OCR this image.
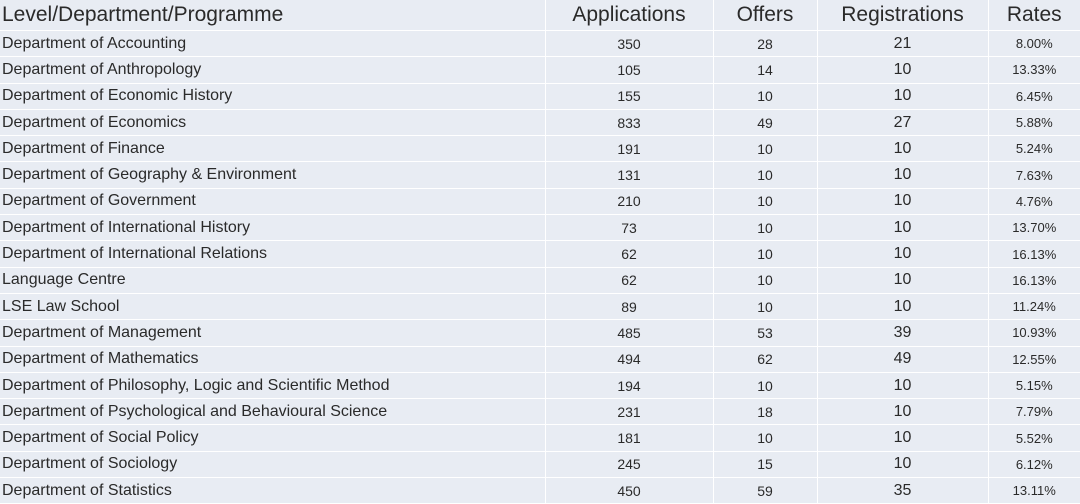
Level/Department/Programme	Applications	Offers	Registrations	Rates
Department of Accounting	350	28	21	8.00%
Department of Anthropology	105	14	10	13.33%
Department of Economic History	155	10	10	6.45%
Department of Economics	833	49	27	5.88%
Department of Finance	191	10	10	5.24%
Department of Geography & Environment	131	10	10	7.63%
Department of Government	210	10	10	4.76%
Department of International History	73	10	10	13.70%
Department of International Relations	62	10	10	16.13%
Language Centre	62	10	10	16.13%
LSE Law School	89	10	10	11.24%
Department of Management	485	53	39	10.93%
Department of Mathematics	494	62	49	12.55%
Department of Philosophy, Logic and Scientific Method	194	10	10	5.15%
Department of Psychological and Behavioural Science	231	18	10	7.79%
Department of Social Policy	181	10	10	5.52%
Department of Sociology	245	15	10	6.12%
Department of Statistics	450	59	35	13.11%
